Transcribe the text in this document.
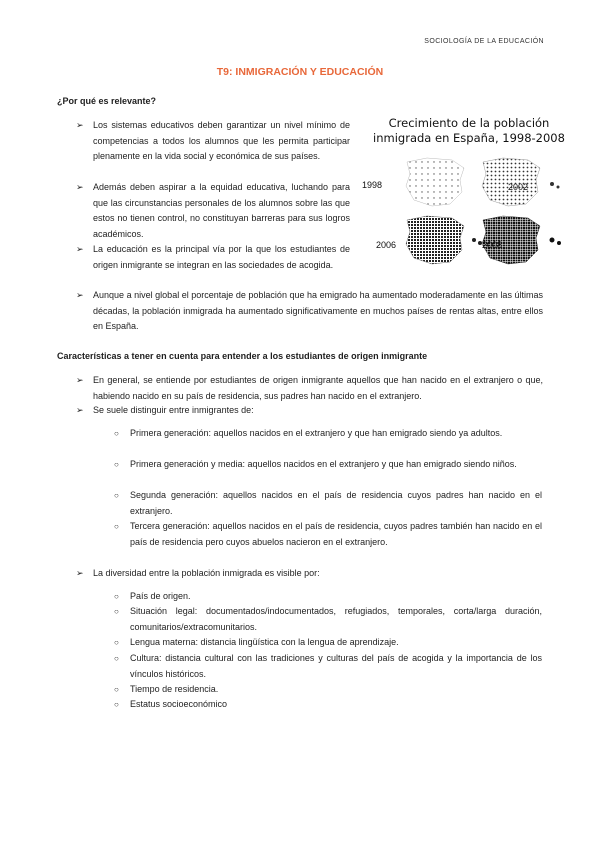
SOCIOLOGÍA DE LA EDUCACIÓN
T9: INMIGRACIÓN Y EDUCACIÓN
¿Por qué es relevante?
➢ Los sistemas educativos deben garantizar un nivel mínimo de competencias a todos los alumnos que les permita participar plenamente en la vida social y económica de sus países.
➢ Además deben aspirar a la equidad educativa, luchando para que las circunstancias personales de los alumnos sobre las que estos no tienen control, no constituyan barreras para sus logros académicos.
➢ La educación es la principal vía por la que los estudiantes de origen inmigrante se integran en las sociedades de acogida.
➢ Aunque a nivel global el porcentaje de población que ha emigrado ha aumentado moderadamente en las últimas décadas, la población inmigrada ha aumentado significativamente en muchos países de rentas altas, entre ellos en España.
Crecimiento de la población inmigrada en España, 1998-2008
1998	2002
2006	2008
Características a tener en cuenta para entender a los estudiantes de origen inmigrante
➢ En general, se entiende por estudiantes de origen inmigrante aquellos que han nacido en el extranjero o que, habiendo nacido en su país de residencia, sus padres han nacido en el extranjero.
➢ Se suele distinguir entre inmigrantes de:
○ Primera generación: aquellos nacidos en el extranjero y que han emigrado siendo ya adultos.
○ Primera generación y media: aquellos nacidos en el extranjero y que han emigrado siendo niños.
○ Segunda generación: aquellos nacidos en el país de residencia cuyos padres han nacido en el extranjero.
○ Tercera generación: aquellos nacidos en el país de residencia, cuyos padres también han nacido en el país de residencia pero cuyos abuelos nacieron en el extranjero.
➢ La diversidad entre la población inmigrada es visible por:
○ País de origen.
○ Situación legal: documentados/indocumentados, refugiados, temporales, corta/larga duración, comunitarios/extracomunitarios.
○ Lengua materna: distancia lingüística con la lengua de aprendizaje.
○ Cultura: distancia cultural con las tradiciones y culturas del país de acogida y la importancia de los vínculos históricos.
○ Tiempo de residencia.
○ Estatus socioeconómico
